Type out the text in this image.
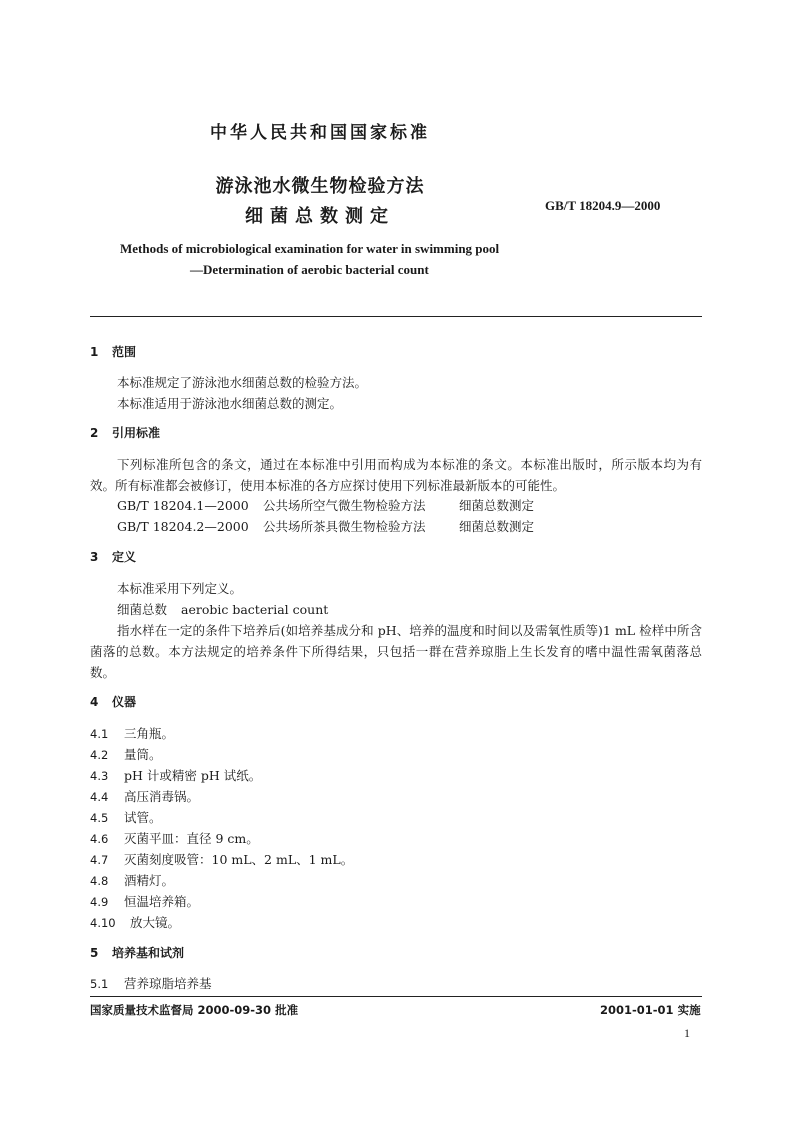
中华人民共和国国家标准
游泳池水微生物检验方法
细菌总数测定
GB/T 18204.9—2000
Methods of microbiological examination for water in swimming pool
—Determination of aerobic bacterial count
1 范围
本标准规定了游泳池水细菌总数的检验方法。
本标准适用于游泳池水细菌总数的测定。
2 引用标准
下列标准所包含的条文，通过在本标准中引用而构成为本标准的条文。本标准出版时，所示版本均为有效。所有标准都会被修订，使用本标准的各方应探讨使用下列标准最新版本的可能性。
GB/T 18204.1—2000 公共场所空气微生物检验方法	细菌总数测定
GB/T 18204.2—2000 公共场所茶具微生物检验方法	细菌总数测定
3 定义
本标准采用下列定义。
细菌总数 aerobic bacterial count
指水样在一定的条件下培养后(如培养基成分和 pH、培养的温度和时间以及需氧性质等)1 mL 检样中所含菌落的总数。本方法规定的培养条件下所得结果，只包括一群在营养琼脂上生长发育的嗜中温性需氧菌落总数。
4 仪器
4.1 三角瓶。
4.2 量筒。
4.3 pH 计或精密 pH 试纸。
4.4 高压消毒锅。
4.5 试管。
4.6 灭菌平皿：直径 9 cm。
4.7 灭菌刻度吸管：10 mL、2 mL、1 mL。
4.8 酒精灯。
4.9 恒温培养箱。
4.10 放大镜。
5 培养基和试剂
5.1 营养琼脂培养基
国家质量技术监督局 2000-09-30 批准	2001-01-01 实施
1
